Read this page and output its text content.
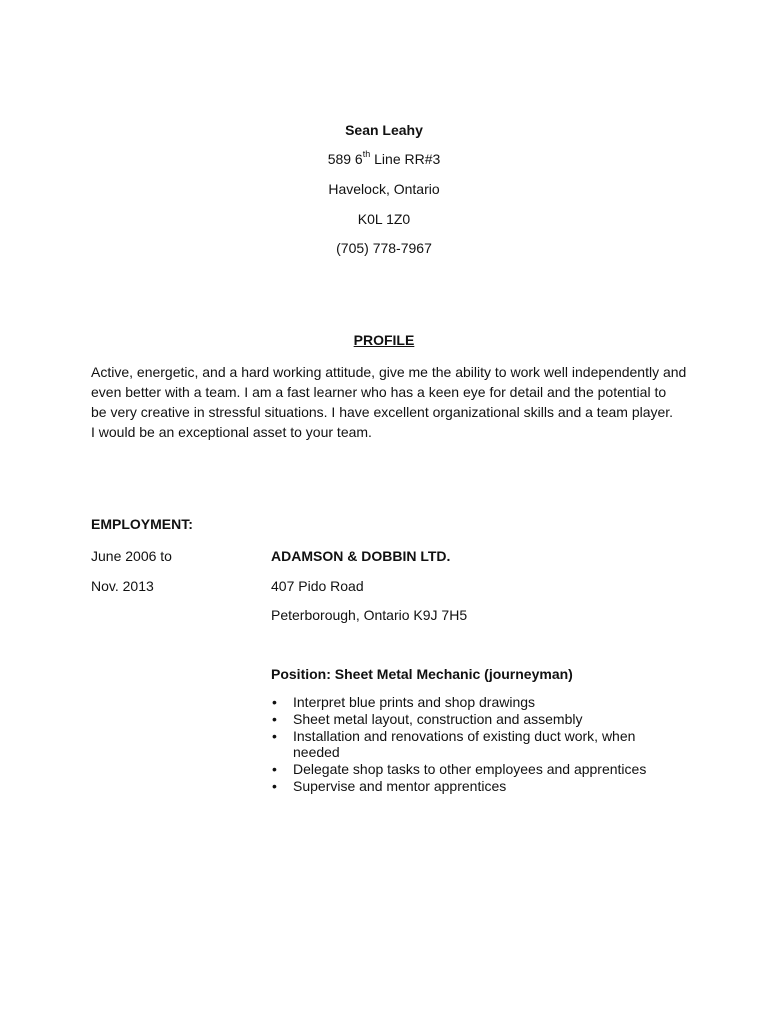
Sean Leahy
589 6th Line RR#3
Havelock, Ontario
K0L 1Z0
(705) 778-7967
PROFILE

Active, energetic, and a hard working attitude, give me the ability to work well independently and

even better with a team. I am a fast learner who has a keen eye for detail and the potential to

be very creative in stressful situations. I have excellent organizational skills and a team player.

I would be an exceptional asset to your team.

EMPLOYMENT:
June 2006 to
Nov. 2013
ADAMSON & DOBBIN LTD.
407 Pido Road
Peterborough, Ontario K9J 7H5
Position: Sheet Metal Mechanic (journeyman)
• Interpret blue prints and shop drawings
• Sheet metal layout, construction and assembly
• Installation and renovations of existing duct work, when needed
• Delegate shop tasks to other employees and apprentices
• Supervise and mentor apprentices
